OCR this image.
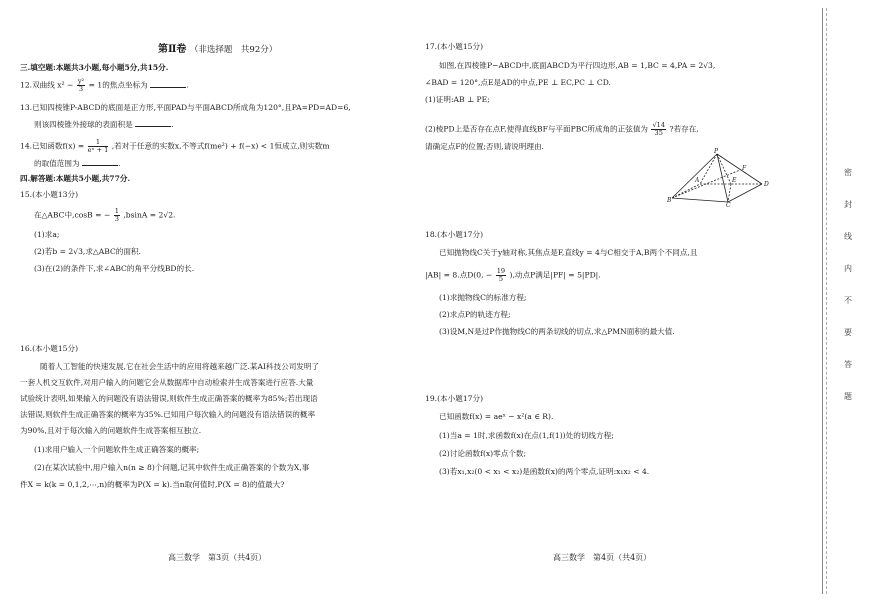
第Ⅱ卷 （非选择题　共92分）
三.填空题:本题共3小题,每小题5分,共15分.
12.双曲线 $x^2 - \frac{\text{y²}}{3} = 1$的焦点坐标为	.
13.已知四棱锥P-ABCD的底面是正方形,平面PAD与平面ABCD所成角为120°,且PA=PD=AD=6,
则该四棱锥外接球的表面积是	.
14.已知函数$f(x) = \frac{1}{\text{eˣ + 1}}$ ,若对于任意的实数x,不等式f(me²) + f(−x) < 1恒成立,则实数m
的取值范围为	.
四.解答题:本题共5小题,共77分.
15.(本小题13分)
在△ABC中,cosB = − $\frac{1}{3} ,bsinA = 2√2$.
(1)求a;
(2)若b = 2√3,求△ABC的面积.
(3)在(2)的条件下,求∠ABC的角平分线BD的长.
16.(本小题15分)
随着人工智能的快速发展,它在社会生活中的应用将越来越广泛.某AI科技公司发明了
一套人机交互软件,对用户输入的问题它会从数据库中自动检索并生成答案进行应答.大量
试验统计表明,如果输入的问题没有语法错误,则软件生成正确答案的概率为85%;若出现语
法错误,则软件生成正确答案的概率为35%.已知用户每次输入的问题没有语法错误的概率
为90%,且对于每次输入的问题软件生成答案相互独立.
(1)求用户输入一个问题软件生成正确答案的概率;
(2)在某次试验中,用户输入n(n ≥ 8)个问题,记其中软件生成正确答案的个数为X,事
件X = k(k = 0,1,2,⋯,n)的概率为P(X = k).当n取何值时,P(X = 8)的值最大?
高三数学　第3页（共4页）
17.(本小题15分)
如图,在四棱锥P−ABCD中,底面ABCD为平行四边形,AB = 1,BC = 4,PA = 2√3,
∠BAD = 120°,点E是AD的中点,PE ⊥ EC,PC ⊥ CD.
(1)证明:AB ⊥ PE;
(2)棱PD上是否存在点F,使得直线BF与平面PBC所成角的正弦值为 $\frac{√14}{35}$ ?若存在,
请确定点F的位置;否则,请说明理由.
P
A
B
C
D
E
F
18.(本小题17分)
已知抛物线C关于y轴对称,其焦点是F,直线y = 4与C相交于A,B两个不同点,且
|AB| = 8.点D(0, − $\frac{19}{5}$ ),动点P满足|PF| = 5|PD|.
(1)求抛物线C的标准方程;
(2)求点P的轨迹方程;
(3)设M,N是过P作抛物线C的两条切线的切点,求△PMN面积的最大值.
19.(本小题17分)
已知函数f(x) = aeˣ − x²(a ∈ R).
(1)当a = 1时,求函数f(x)在点(1,f(1))处的切线方程;
(2)讨论函数f(x)零点个数;
(3)若x₁,x₂(0 < x₁ < x₂)是函数f(x)的两个零点,证明:x₁x₂ < 4.
高三数学　第4页（共4页）
密
封
线
内
不
要
答
题
